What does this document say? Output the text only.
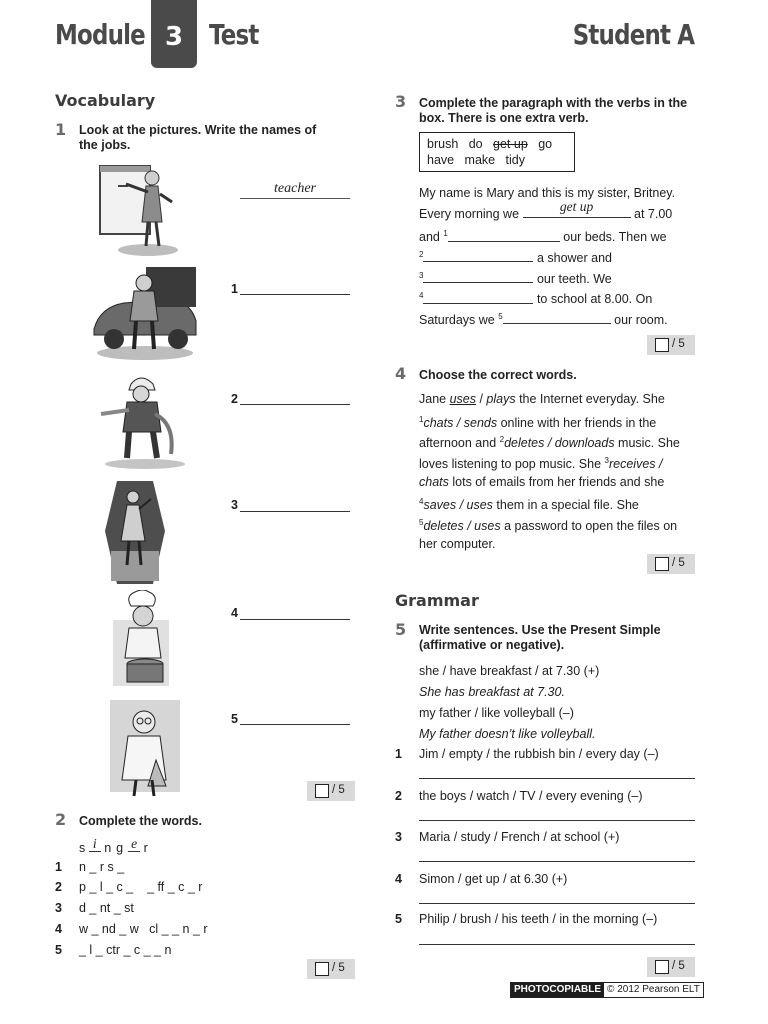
Module 3 Test	Student A
Vocabulary
1 Look at the pictures. Write the names of the jobs.
teacher
1
2
3
4
5
/ 5
2 Complete the words.
s i ng e r
1 n _ r s _
2 p _ l _ c _    _ ff _ c _ r
3 d _ nt _ st
4 w _ nd _ w   cl _ _ n _ r
5 _ l _ ctr _ c _ _ n
/ 5
3 Complete the paragraph with the verbs in the box. There is one extra verb.
brush do get up go
have make tidy
My name is Mary and this is my sister, Britney.
Every morning we	get up	at 7.00
and $^1$	our beds. Then we
$^2$	a shower and
$^3$	our teeth. We
$^4$	to school at 8.00. On
Saturdays we $^5$	our room.
/ 5
4 Choose the correct words.
Jane uses / plays the Internet everyday. She
$^1$chats / sends online with her friends in the
afternoon and $^2$deletes / downloads music. She
loves listening to pop music. She $^3$receives /
chats lots of emails from her friends and she
$^4$saves / uses them in a special file. She
$^5$deletes / uses a password to open the files on
her computer.
/ 5
Grammar
5 Write sentences. Use the Present Simple (affirmative or negative).
she / have breakfast / at 7.30 (+)
She has breakfast at 7.30.
my father / like volleyball (–)
My father doesn’t like volleyball.
1 Jim / empty / the rubbish bin / every day (–)
2 the boys / watch / TV / every evening (–)
3 Maria / study / French / at school (+)
4 Simon / get up / at 6.30 (+)
5 Philip / brush / his teeth / in the morning (–)
/ 5
PHOTOCOPIABLE © 2012 Pearson ELT
